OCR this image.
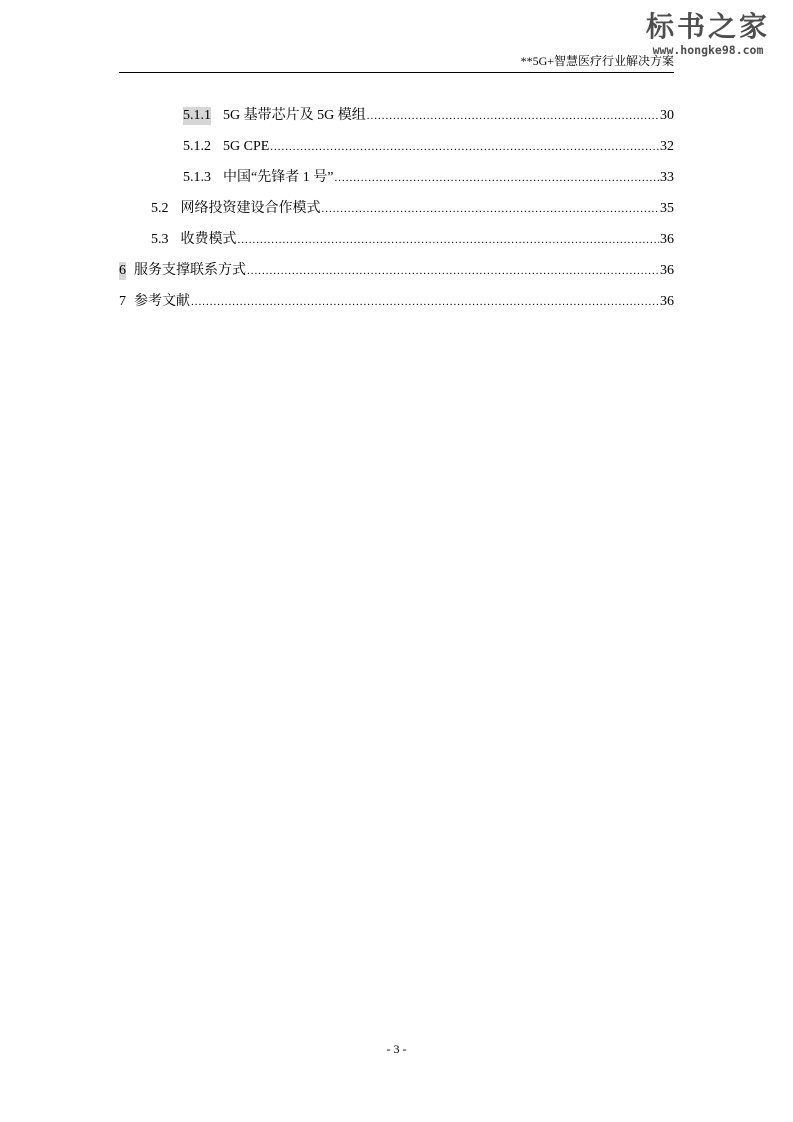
标书之家
www.hongke98.com
**5G+智慧医疗行业解决方案
5.1.1 5G 基带芯片及 5G 模组 .....	30
5.1.2 5G CPE .....	32
5.1.3 中国“先锋者 1 号” .....	33
5.2 网络投资建设合作模式 .....	35
5.3 收费模式 .....	36
6 服务支撑联系方式 .....	36
7 参考文献 .....	36
- 3 -
